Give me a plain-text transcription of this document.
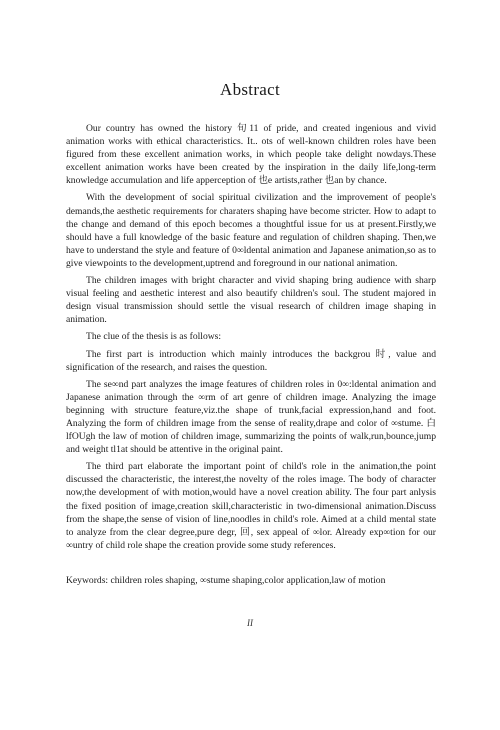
Abstract

Our country has owned the history 旬11 of pride, and created ingenious and vivid animation works with ethical characteristics. It.. ots of well-known children roles have been figured from these excellent animation works, in which people take delight nowdays.These excellent animation works have been created by the inspiration in the daily life,long-term knowledge accumulation and life apperception of 也e artists,rather 也an by chance.

With the development of social spiritual civilization and the improvement of people's demands,the aesthetic requirements for charaters shaping have become stricter. How to adapt to the change and demand of this epoch becomes a thoughtful issue for us at present.Firstly,we should have a full knowledge of the basic feature and regulation of children shaping. Then,we have to understand the style and feature of 0∞ldental animation and Japanese animation,so as to give viewpoints to the development,uptrend and foreground in our national animation.

The children images with bright character and vivid shaping bring audience with sharp visual feeling and aesthetic interest and also beautify children's soul. The student majored in design visual transmission should settle the visual research of children image shaping in animation.

The clue of the thesis is as follows:

The first part is introduction which mainly introduces the backgrou 时, value and signification of the research, and raises the question.

The se∞nd part analyzes the image features of children roles in 0∞:ldental animation and Japanese animation through the ∞rm of art genre of children image. Analyzing the image beginning with structure feature,viz.the shape of trunk,facial expression,hand and foot. Analyzing the form of children image from the sense of reality,drape and color of ∞stume. 白lfOUgh the law of motion of children image, summarizing the points of walk,run,bounce,jump and weight tl1at should be attentive in the original paint.

The third part elaborate the important point of child's role in the animation,the point discussed the characteristic, the interest,the novelty of the roles image. The body of character now,the development of with motion,would have a novel creation ability. The four part anlysis the fixed position of image,creation skill,characteristic in two-dimensional animation.Discuss from the shape,the sense of vision of line,noodles in child's role. Aimed at a child mental state to analyze from the clear degree,pure degr, 回, sex appeal of ∞lor. Already exp∞tion for our ∞untry of child role shape the creation provide some study references.

Keywords: children roles shaping, ∞stume shaping,color application,law of motion
II
